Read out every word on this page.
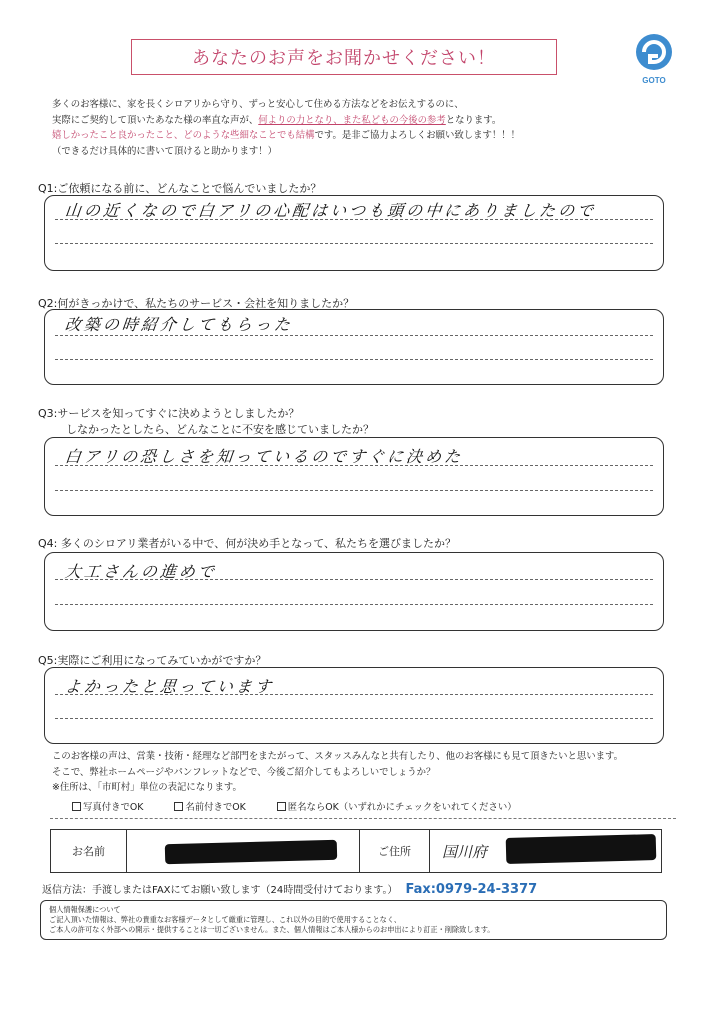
あなたのお声をお聞かせください！
GOTO
多くのお客様に、家を長くシロアリから守り、ずっと安心して住める方法などをお伝えするのに、
実際にご契約して頂いたあなた様の率直な声が、何よりの力となり、また私どもの今後の参考となります。
嬉しかったこと良かったこと、どのような些細なことでも結構です。是非ご協力よろしくお願い致します！！！
（できるだけ具体的に書いて頂けると助かります！）
Q1:ご依頼になる前に、どんなことで悩んでいましたか？
山の近くなので白アリの心配はいつも頭の中にありましたので
Q2:何がきっかけで、私たちのサービス・会社を知りましたか？
改築の時紹介してもらった
Q3:サービスを知ってすぐに決めようとしましたか？
しなかったとしたら、どんなことに不安を感じていましたか？
白アリの恐しさを知っているのですぐに決めた
Q4: 多くのシロアリ業者がいる中で、何が決め手となって、私たちを選びましたか？
大工さんの進めで
Q5:実際にご利用になってみていかがですか？
よかったと思っています
このお客様の声は、営業・技術・経理など部門をまたがって、スタッスみんなと共有したり、他のお客様にも見て頂きたいと思います。
そこで、弊社ホームページやパンフレットなどで、今後ご紹介してもよろしいでしょうか？
※住所は、「市町村」単位の表記になります。
写真付きでOK	名前付きでOK	匿名ならOK（いずれかにチェックをいれてください）
お名前	ご住所	国川府
返信方法：手渡しまたはFAXにてお願い致します（24時間受付けております。） Fax:0979-24-3377
個人情報保護について
ご記入頂いた情報は、弊社の貴重なお客様データとして厳重に管理し、これ以外の目的で使用することなく、
ご本人の許可なく外部への開示・提供することは一切ございません。また、個人情報はご本人様からのお申出により訂正・削除致します。
